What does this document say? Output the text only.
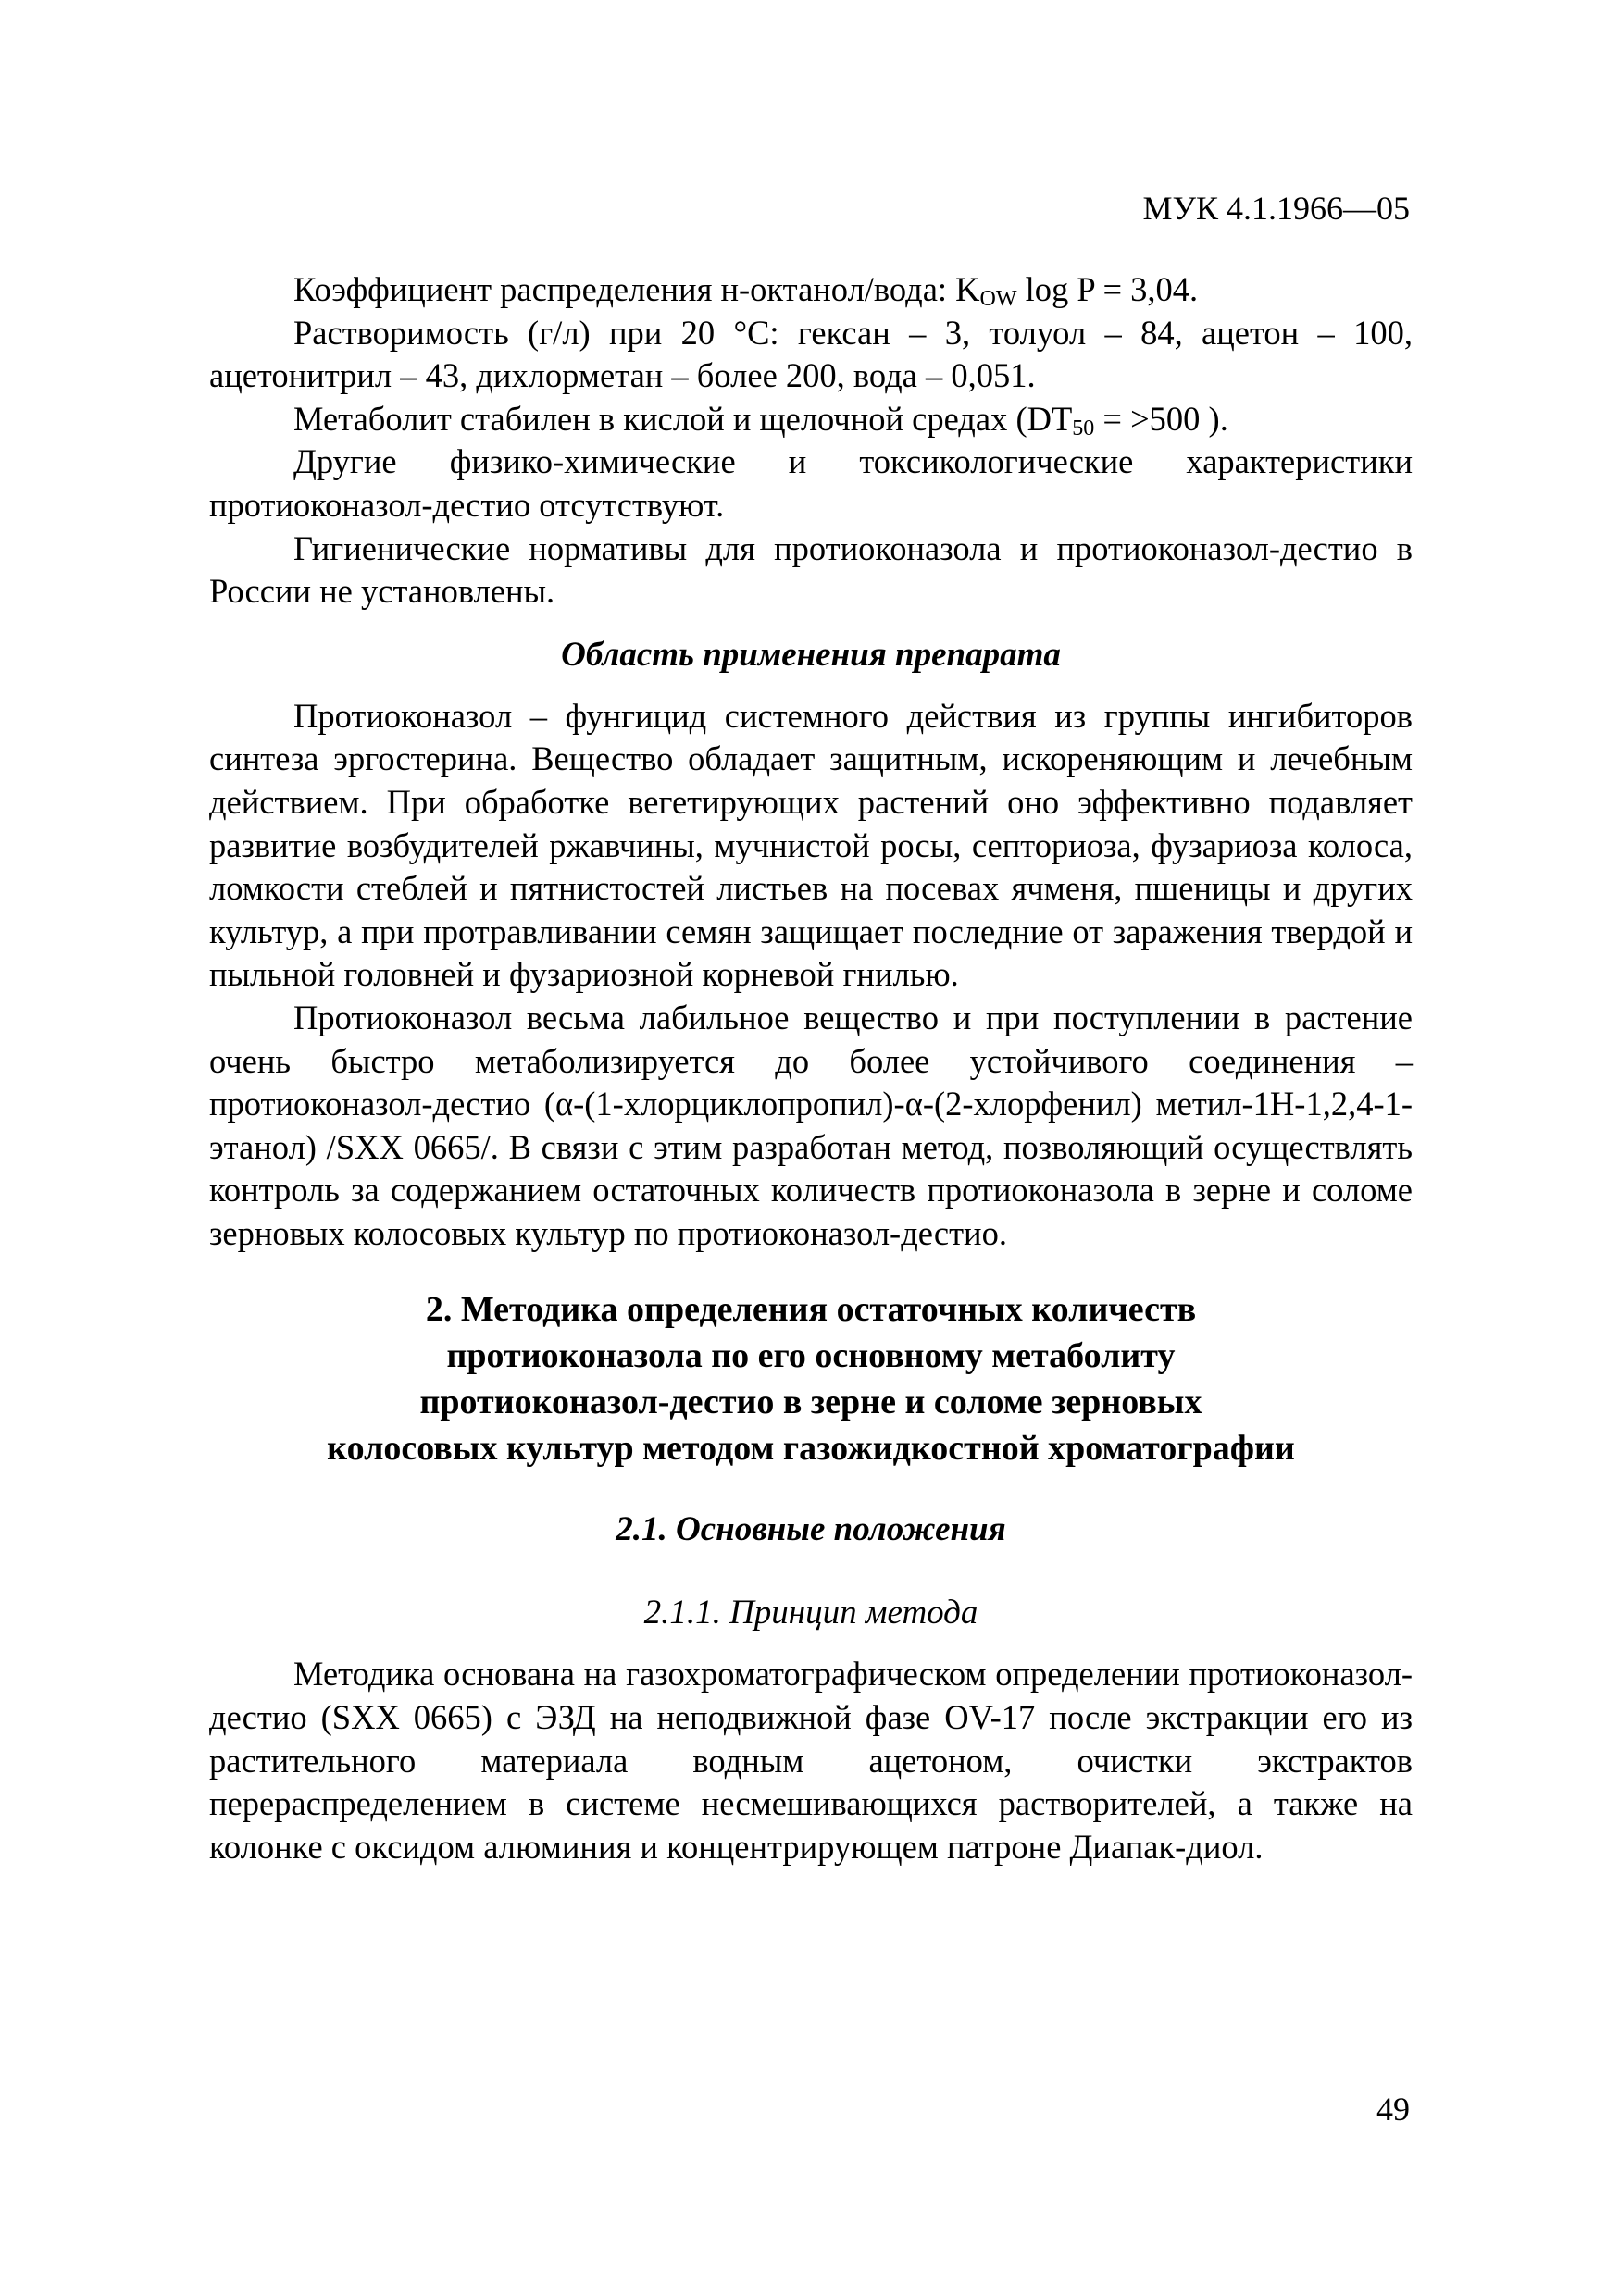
МУК 4.1.1966—05

Коэффициент распределения н-октанол/вода: $K_{OW}$ log P = 3,04.

Растворимость (г/л) при 20 °С: гексан – 3, толуол – 84, ацетон – 100, ацетонитрил – 43, дихлорметан – более 200, вода – 0,051.

Метаболит стабилен в кислой и щелочной средах ($DT_{50} = >500$ ).

Другие физико-химические и токсикологические характеристики протиоконазол-дестио отсутствуют.

Гигиенические нормативы для протиоконазола и протиоконазол-дестио в России не установлены.

Область применения препарата

Протиоконазол – фунгицид системного действия из группы ингибиторов синтеза эргостерина. Вещество обладает защитным, искореняющим и лечебным действием. При обработке вегетирующих растений оно эффективно подавляет развитие возбудителей ржавчины, мучнистой росы, септориоза, фузариоза колоса, ломкости стеблей и пятнистостей листьев на посевах ячменя, пшеницы и других культур, а при протравливании семян защищает последние от заражения твердой и пыльной головней и фузариозной корневой гнилью.

Протиоконазол весьма лабильное вещество и при поступлении в растение очень быстро метаболизируется до более устойчивого соединения – протиоконазол-дестио (α-(1-хлорциклопропил)-α-(2-хлорфенил) метил-1Н-1,2,4-1-этанол) /SXX 0665/. В связи с этим разработан метод, позволяющий осуществлять контроль за содержанием остаточных количеств протиоконазола в зерне и соломе зерновых колосовых культур по протиоконазол-дестио.

2. Методика определения остаточных количеств
протиоконазола по его основному метаболиту
протиоконазол-дестио в зерне и соломе зерновых
колосовых культур методом газожидкостной хроматографии
2.1. Основные положения
2.1.1. Принцип метода

Методика основана на газохроматографическом определении протиоконазол-дестио (SXX 0665) с ЭЗД на неподвижной фазе OV-17 после экстракции его из растительного материала водным ацетоном, очистки экстрактов перераспределением в системе несмешивающихся растворителей, а также на колонке с оксидом алюминия и концентрирующем патроне Диапак-диол.

49
